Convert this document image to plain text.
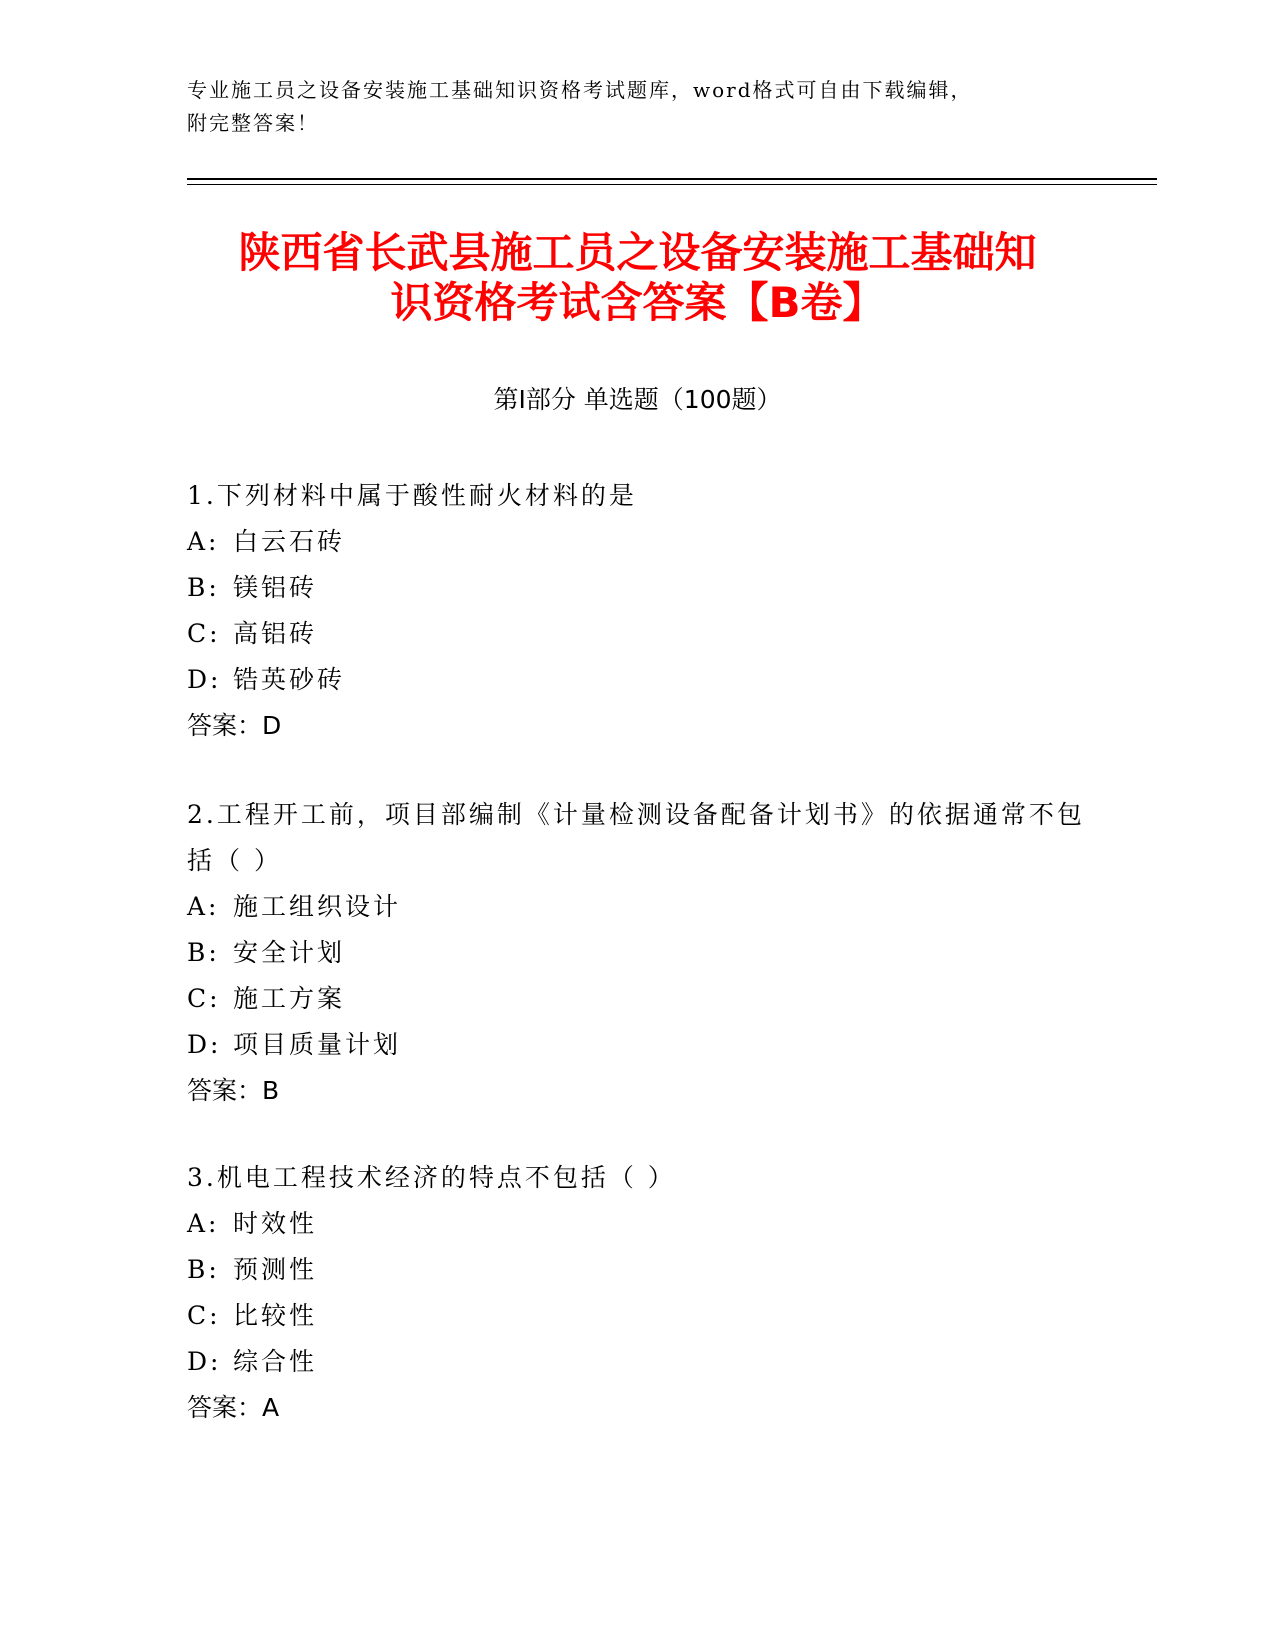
专业施工员之设备安装施工基础知识资格考试题库，word格式可自由下载编辑，
附完整答案！
陕西省长武县施工员之设备安装施工基础知
识资格考试含答案【B卷】
第Ⅰ部分 单选题（100题）
1.下列材料中属于酸性耐火材料的是
A: 白云石砖
B: 镁铝砖
C: 高铝砖
D: 锆英砂砖
答案：D
2.工程开工前，项目部编制《计量检测设备配备计划书》的依据通常不包括（ ）
A: 施工组织设计
B: 安全计划
C: 施工方案
D: 项目质量计划
答案：B
3.机电工程技术经济的特点不包括（ ）
A: 时效性
B: 预测性
C: 比较性
D: 综合性
答案：A
